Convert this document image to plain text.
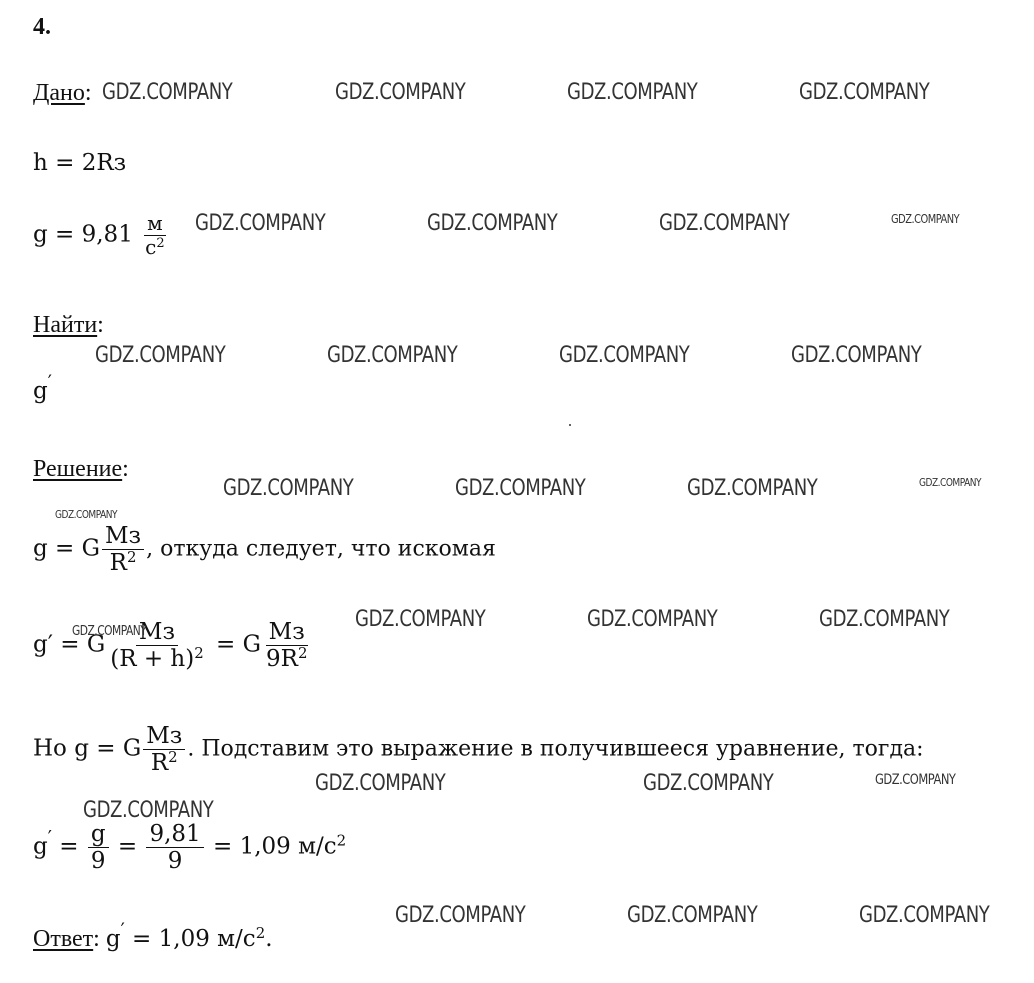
4.
Дано:
h = 2Rз
$g = 9,81 \frac{м}{c^2}$
Найти:
g′
Решение:
g = G $\frac{Mз}{R^2}$ , откуда следует, что искомая
g′ = G $\frac{Mз}{(R + h)^2} = G \frac{Mз}{9R^2}$
Но g = G $\frac{Mз}{R^2}$ . Подставим это выражение в получившееся уравнение, тогда:
$g' = \frac{g}{9} = \frac{9,81}{9} = 1,09$ $м/c^2$
Ответ: g′ = 1,09 $м/c^2$.
GDZ.COMPANY	GDZ.COMPANY	GDZ.COMPANY	GDZ.COMPANY
GDZ.COMPANY	GDZ.COMPANY	GDZ.COMPANY	GDZ.COMPANY
GDZ.COMPANY	GDZ.COMPANY	GDZ.COMPANY	GDZ.COMPANY
GDZ.COMPANY	GDZ.COMPANY	GDZ.COMPANY	GDZ.COMPANY
GDZ.COMPANY
GDZ.COMPANY	GDZ.COMPANY	GDZ.COMPANY	GDZ.COMPANY
GDZ.COMPANY	GDZ.COMPANY	GDZ.COMPANY
GDZ.COMPANY
GDZ.COMPANY	GDZ.COMPANY	GDZ.COMPANY
